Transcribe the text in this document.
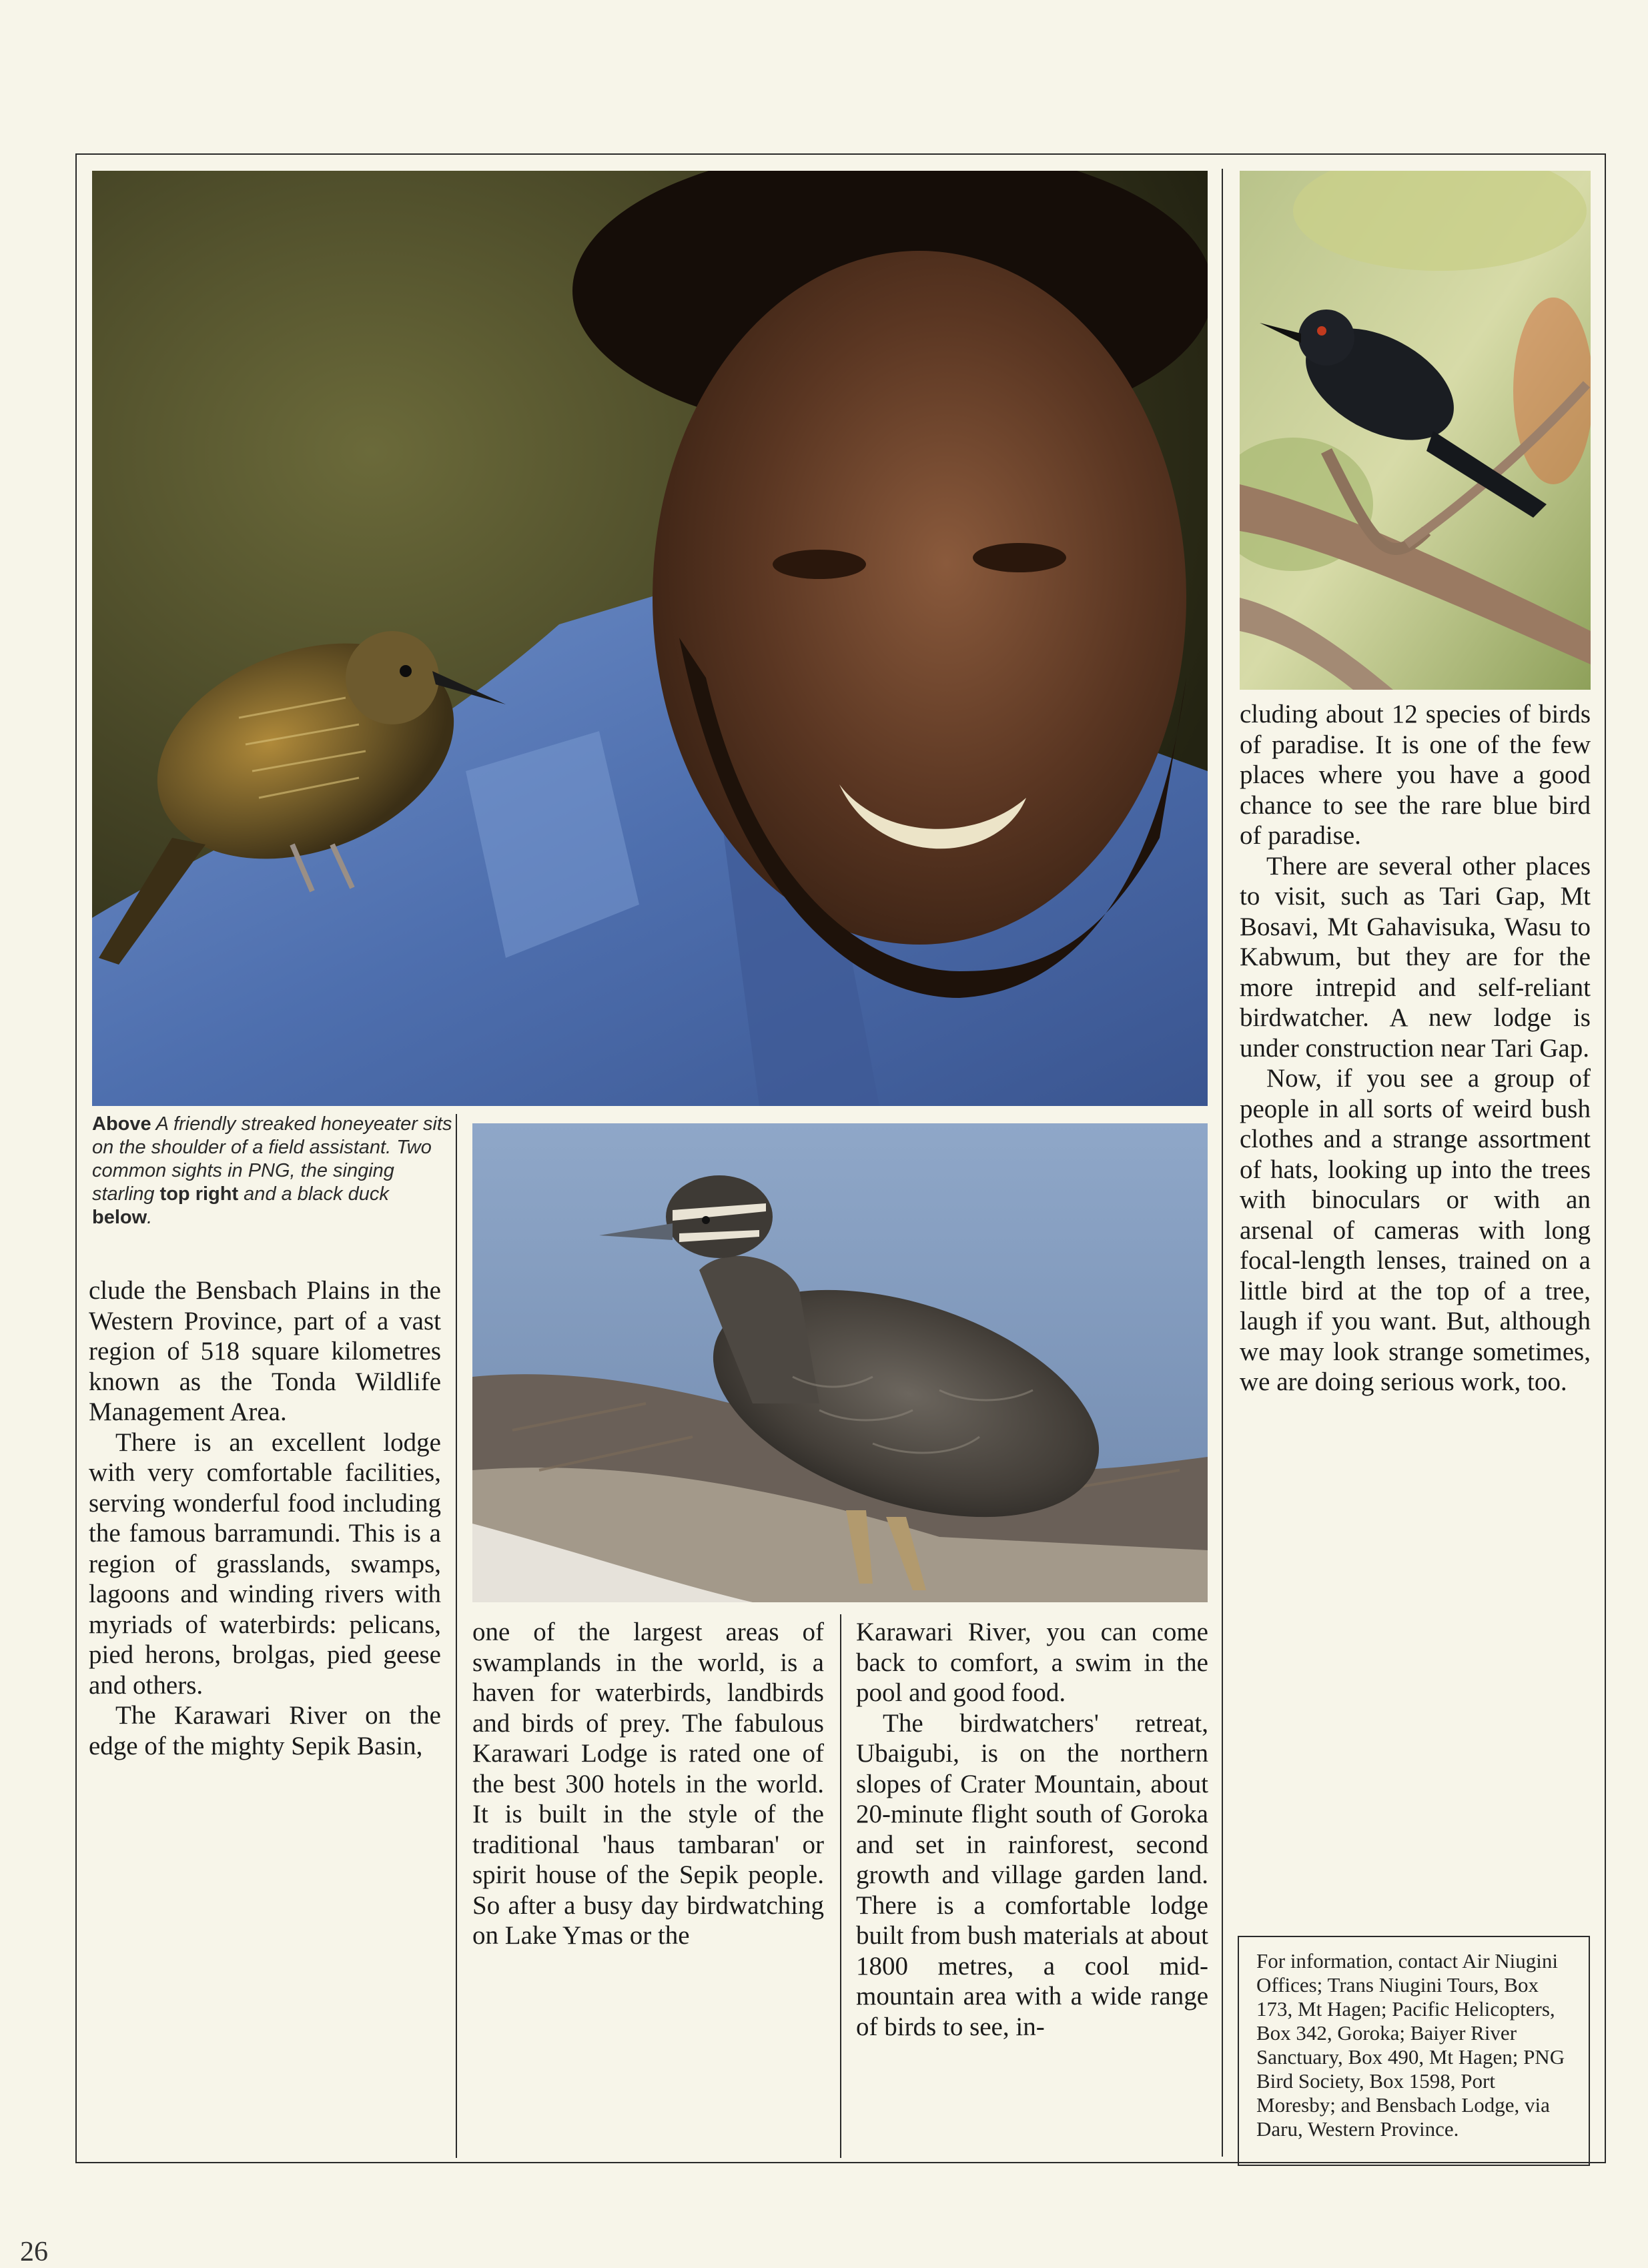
Above A friendly streaked honeyeater sits on the shoulder of a field assistant. Two common sights in PNG, the singing starling top right and a black duck below.

clude the Bensbach Plains in the Western Province, part of a vast region of 518 square kilometres known as the Tonda Wildlife Management Area.

There is an excellent lodge with very comfortable facilities, serving wonderful food including the famous barramundi. This is a region of grasslands, swamps, lagoons and winding rivers with myriads of waterbirds: pelicans, pied herons, brolgas, pied geese and others.

The Karawari River on the edge of the mighty Sepik Basin,

one of the largest areas of swamplands in the world, is a haven for waterbirds, landbirds and birds of prey. The fabulous Karawari Lodge is rated one of the best 300 hotels in the world. It is built in the style of the traditional 'haus tambaran' or spirit house of the Sepik people. So after a busy day birdwatching on Lake Ymas or the

Karawari River, you can come back to comfort, a swim in the pool and good food.

The birdwatchers' retreat, Ubaigubi, is on the northern slopes of Crater Mountain, about 20-minute flight south of Goroka and set in rainforest, second growth and village garden land. There is a comfortable lodge built from bush materials at about 1800 metres, a cool mid-mountain area with a wide range of birds to see, in-

cluding about 12 species of birds of paradise. It is one of the few places where you have a good chance to see the rare blue bird of paradise.

There are several other places to visit, such as Tari Gap, Mt Bosavi, Mt Gahavisuka, Wasu to Kabwum, but they are for the more intrepid and self-reliant birdwatcher. A new lodge is under construction near Tari Gap.

Now, if you see a group of people in all sorts of weird bush clothes and a strange assortment of hats, looking up into the trees with binoculars or with an arsenal of cameras with long focal-length lenses, trained on a little bird at the top of a tree, laugh if you want. But, although we may look strange sometimes, we are doing serious work, too.

For information, contact Air Niugini Offices; Trans Niugini Tours, Box 173, Mt Hagen; Pacific Helicopters, Box 342, Goroka; Baiyer River Sanctuary, Box 490, Mt Hagen; PNG Bird Society, Box 1598, Port Moresby; and Bensbach Lodge, via Daru, Western Province.
26
